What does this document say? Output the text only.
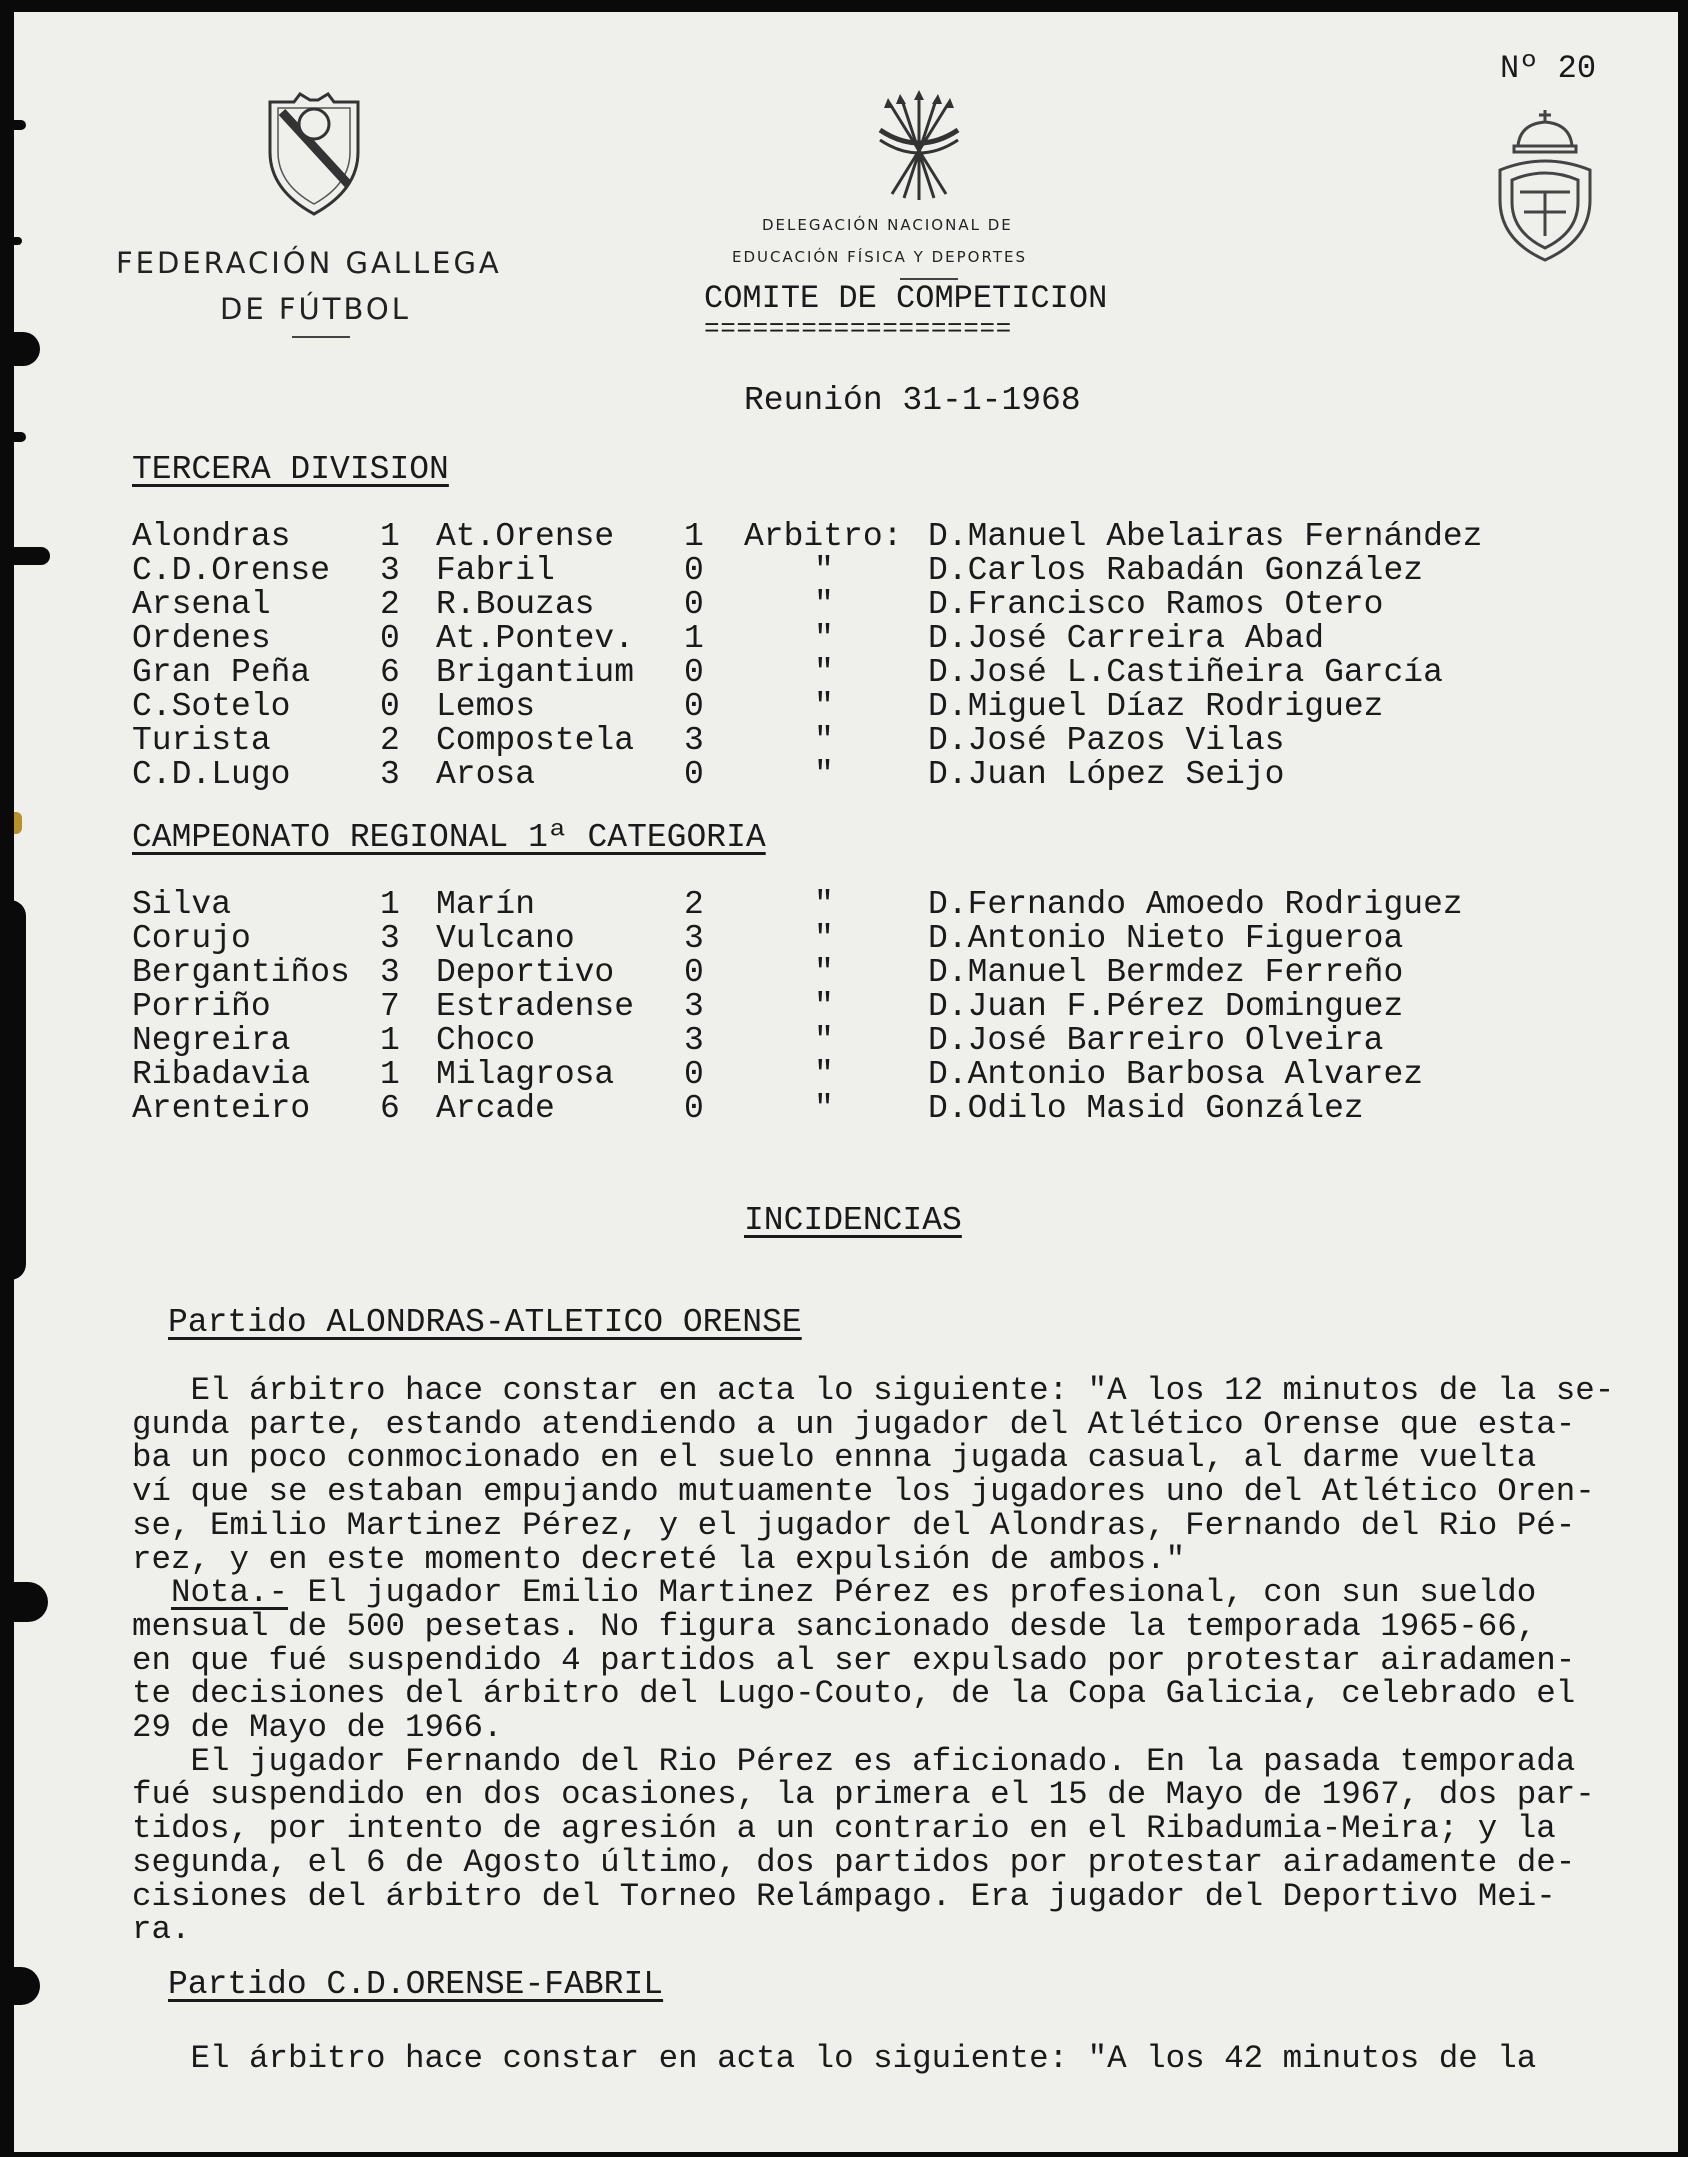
Nº 20
FEDERACIÓN GALLEGA
DE FÚTBOL
DELEGACIÓN NACIONAL DE
EDUCACIÓN FÍSICA Y DEPORTES
COMITE DE COMPETICION
===================
Reunión 31-1-1968
TERCERA DIVISION
Alondras	1 At.Orense 1 Arbitro: D.Manuel Abelairas Fernández
C.D.Orense 3 Fabril	0	"	D.Carlos Rabadán González
Arsenal	2 R.Bouzas	0	"	D.Francisco Ramos Otero
Ordenes	0 At.Pontev. 1	"	D.José Carreira Abad
Gran Peña 6 Brigantium 0	"	D.José L.Castiñeira García
C.Sotelo	0 Lemos	0	"	D.Miguel Díaz Rodriguez
Turista	2 Compostela 3	"	D.José Pazos Vilas
C.D.Lugo	3 Arosa	0	"	D.Juan López Seijo
CAMPEONATO REGIONAL 1ª CATEGORIA
Silva	1 Marín	2	"	D.Fernando Amoedo Rodriguez
Corujo	3 Vulcano	3	"	D.Antonio Nieto Figueroa
Bergantiños 3 Deportivo 0	"	D.Manuel Bermdez Ferreño
Porriño	7 Estradense 3	"	D.Juan F.Pérez Dominguez
Negreira	1 Choco	3	"	D.José Barreiro Olveira
Ribadavia 1 Milagrosa 0	"	D.Antonio Barbosa Alvarez
Arenteiro 6 Arcade	0	"	D.Odilo Masid González
INCIDENCIAS
Partido ALONDRAS-ATLETICO ORENSE
El árbitro hace constar en acta lo siguiente: "A los 12 minutos de la se-
gunda parte, estando atendiendo a un jugador del Atlético Orense que esta-
ba un poco conmocionado en el suelo ennna jugada casual, al darme vuelta
ví que se estaban empujando mutuamente los jugadores uno del Atlético Oren-
se, Emilio Martinez Pérez, y el jugador del Alondras, Fernando del Rio Pé-
rez, y en este momento decreté la expulsión de ambos."
Nota.- El jugador Emilio Martinez Pérez es profesional, con sun sueldo
mensual de 500 pesetas. No figura sancionado desde la temporada 1965-66,
en que fué suspendido 4 partidos al ser expulsado por protestar airadamen-
te decisiones del árbitro del Lugo-Couto, de la Copa Galicia, celebrado el
29 de Mayo de 1966.
El jugador Fernando del Rio Pérez es aficionado. En la pasada temporada
fué suspendido en dos ocasiones, la primera el 15 de Mayo de 1967, dos par-
tidos, por intento de agresión a un contrario en el Ribadumia-Meira; y la
segunda, el 6 de Agosto último, dos partidos por protestar airadamente de-
cisiones del árbitro del Torneo Relámpago. Era jugador del Deportivo Mei-
ra.
Partido C.D.ORENSE-FABRIL
El árbitro hace constar en acta lo siguiente: "A los 42 minutos de la
